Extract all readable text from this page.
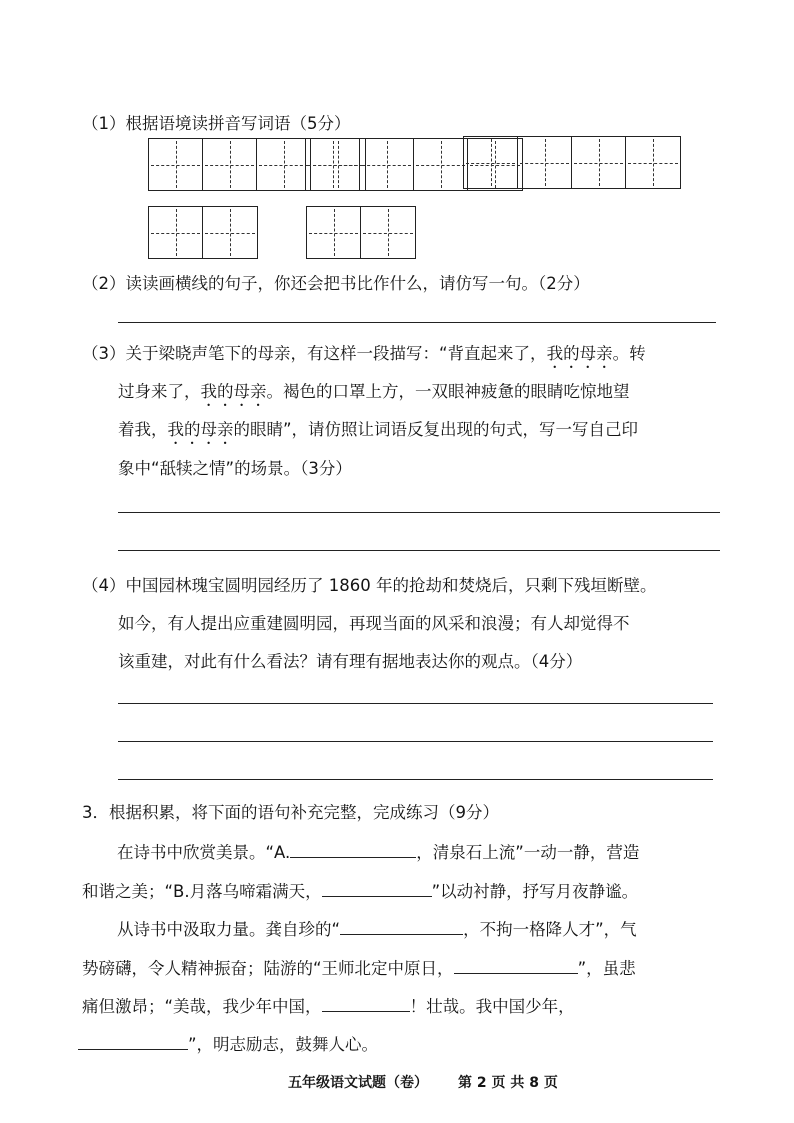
（1）根据语境读拼音写词语（5分）
（2）读读画横线的句子，你还会把书比作什么，请仿写一句。（2分）
（3）关于梁晓声笔下的母亲，有这样一段描写：“背直起来了，我的母亲。转
过身来了，我的母亲。褐色的口罩上方，一双眼神疲惫的眼睛吃惊地望
着我，我的母亲的眼睛”，请仿照让词语反复出现的句式，写一写自己印
象中“舐犊之情”的场景。（3分）
（4）中国园林瑰宝圆明园经历了 1860 年的抢劫和焚烧后，只剩下残垣断壁。
如今，有人提出应重建圆明园，再现当面的风采和浪漫；有人却觉得不
该重建，对此有什么看法？请有理有据地表达你的观点。（4分）
3．根据积累，将下面的语句补充完整，完成练习（9分）
在诗书中欣赏美景。“A.	，清泉石上流”一动一静，营造
和谐之美；“B.月落乌啼霜满天，	”以动衬静，抒写月夜静谧。
从诗书中汲取力量。龚自珍的“	，不拘一格降人才”，气
势磅礴，令人精神振奋；陆游的“王师北定中原日，	”，虽悲
痛但激昂；“美哉，我少年中国，	！壮哉。我中国少年，
”，明志励志，鼓舞人心。
五年级语文试题（卷） 第 2 页 共 8 页
